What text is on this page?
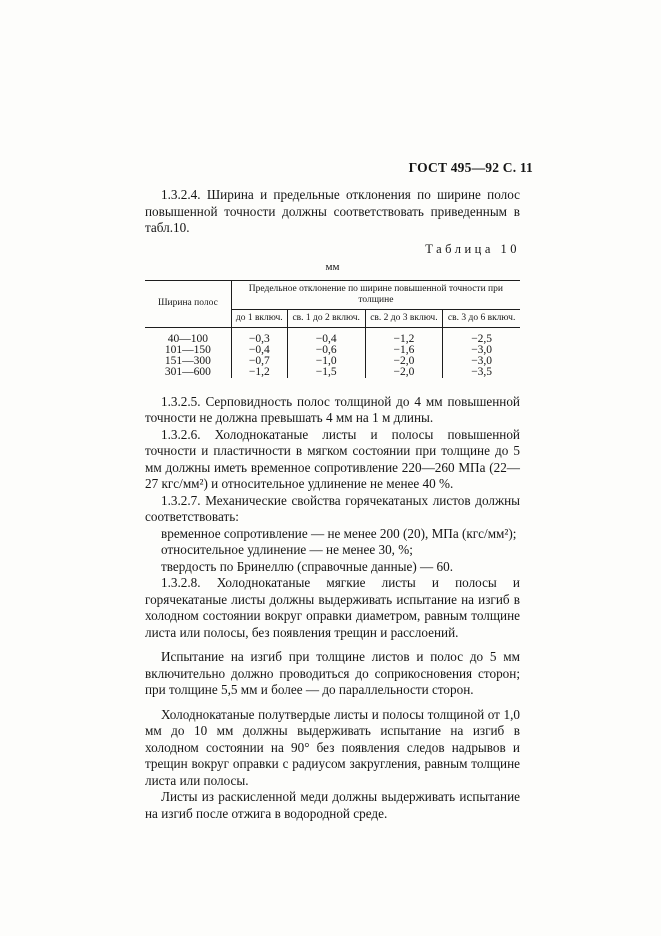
ГОСТ 495—92 С. 11

1.3.2.4. Ширина и предельные отклонения по ширине полос повышенной точности должны соответствовать приведенным в табл.10.

Таблица 10
мм
Ширина полос	Предельное отклонение по ширине повышенной точности при толщине			
	до 1 включ.	св. 1 до 2 включ.	св. 2 до 3 включ.	св. 3 до 6 включ.
40—100	−0,3	−0,4	−1,2	−2,5
101—150	−0,4	−0,6	−1,6	−3,0
151—300	−0,7	−1,0	−2,0	−3,0
301—600	−1,2	−1,5	−2,0	−3,5

1.3.2.5. Серповидность полос толщиной до 4 мм повышенной точности не должна превышать 4 мм на 1 м длины.

1.3.2.6. Холоднокатаные листы и полосы повышенной точности и пластичности в мягком состоянии при толщине до 5 мм должны иметь временное сопротивление 220—260 МПа (22—27 кгс/мм²) и относительное удлинение не менее 40 %.

1.3.2.7. Механические свойства горячекатаных листов должны соответствовать:

временное сопротивление — не менее 200 (20), МПа (кгс/мм²);

относительное удлинение — не менее 30, %;

твердость по Бринеллю (справочные данные) — 60.

1.3.2.8. Холоднокатаные мягкие листы и полосы и горячекатаные листы должны выдерживать испытание на изгиб в холодном состоянии вокруг оправки диаметром, равным толщине листа или полосы, без появления трещин и расслоений.

Испытание на изгиб при толщине листов и полос до 5 мм включительно должно проводиться до соприкосновения сторон; при толщине 5,5 мм и более — до параллельности сторон.

Холоднокатаные полутвердые листы и полосы толщиной от 1,0 мм до 10 мм должны выдерживать испытание на изгиб в холодном состоянии на 90° без появления следов надрывов и трещин вокруг оправки с радиусом закругления, равным толщине листа или полосы.

Листы из раскисленной меди должны выдерживать испытание на изгиб после отжига в водородной среде.
